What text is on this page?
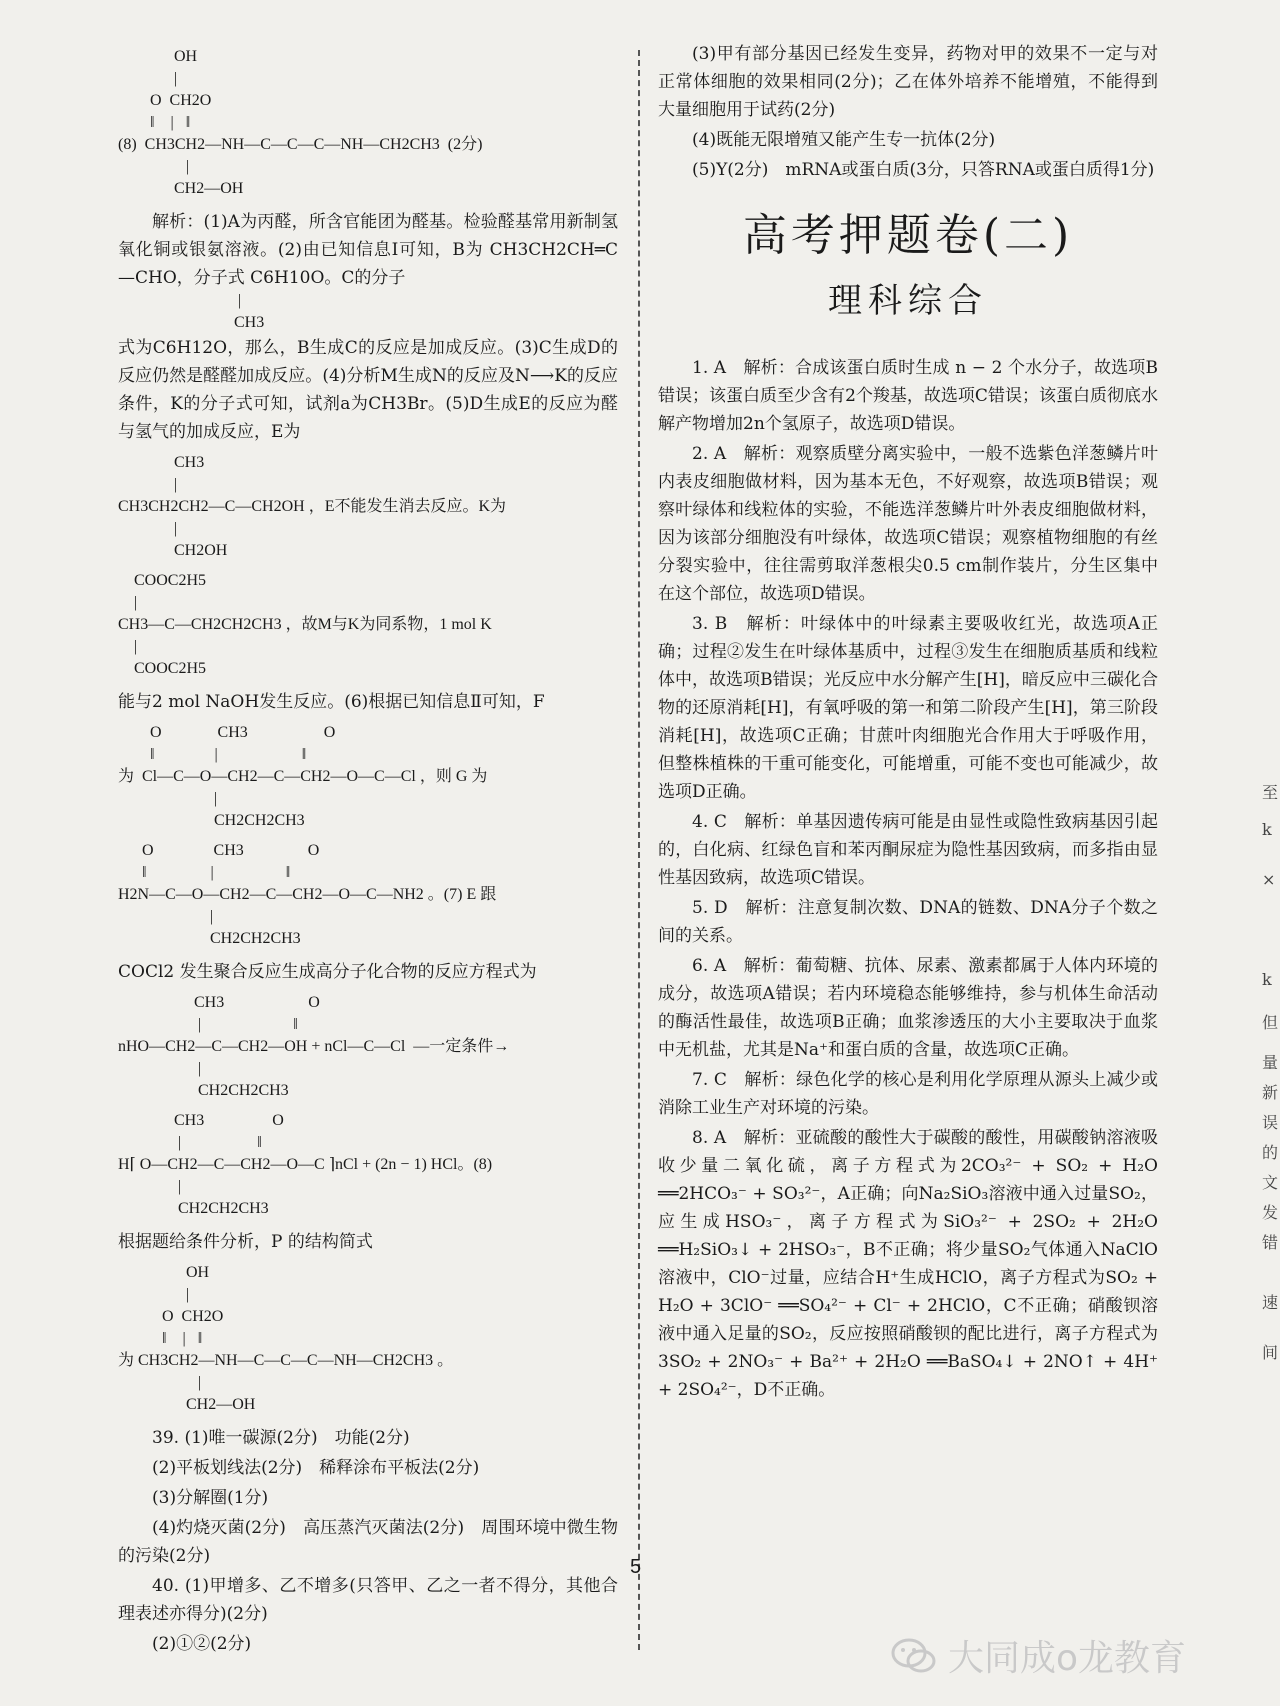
OH
|
O  CH2O
‖    |   ‖
(8)  CH3CH2—NH—C—C—C—NH—CH2CH3  (2分)
|
CH2—OH

解析：(1)A为丙醛，所含官能团为醛基。检验醛基常用新制氢氧化铜或银氨溶液。(2)由已知信息Ⅰ可知，B为 CH3CH2CH═C—CHO，分子式 C6H10O。C的分子

|
CH3

式为C6H12O，那么，B生成C的反应是加成反应。(3)C生成D的反应仍然是醛醛加成反应。(4)分析M生成N的反应及N⟶K的反应条件，K的分子式可知，试剂a为CH3Br。(5)D生成E的反应为醛与氢气的加成反应，E为

CH3
|
CH3CH2CH2—C—CH2OH ，E不能发生消去反应。K为
|
CH2OH
COOC2H5
|
CH3—C—CH2CH2CH3 ，故M与K为同系物，1 mol K
|
COOC2H5

能与2 mol NaOH发生反应。(6)根据已知信息Ⅱ可知，F

O              CH3                   O
‖               |                     ‖
为  Cl—C—O—CH2—C—CH2—O—C—Cl ，则 G 为
|
CH2CH2CH3
O               CH3                O
‖                |                  ‖
H2N—C—O—CH2—C—CH2—O—C—NH2 。(7) E 跟
|
CH2CH2CH3

COCl2 发生聚合反应生成高分子化合物的反应方程式为

CH3                     O
|                       ‖
nHO—CH2—C—CH2—OH + nCl—C—Cl  —一定条件→
|
CH2CH2CH3
CH3                 O
|                   ‖
H⌈ O—CH2—C—CH2—O—C ⌉nCl + (2n − 1) HCl。(8)
|
CH2CH2CH3

根据题给条件分析，P 的结构简式

OH
|
O  CH2O
‖    |   ‖
为 CH3CH2—NH—C—C—C—NH—CH2CH3 。
|
CH2—OH

39. (1)唯一碳源(2分)　功能(2分)

(2)平板划线法(2分)　稀释涂布平板法(2分)

(3)分解圈(1分)

(4)灼烧灭菌(2分)　高压蒸汽灭菌法(2分)　周围环境中微生物的污染(2分)

40. (1)甲增多、乙不增多(只答甲、乙之一者不得分，其他合理表述亦得分)(2分)

(2)①②(2分)

(3)甲有部分基因已经发生变异，药物对甲的效果不一定与对正常体细胞的效果相同(2分)；乙在体外培养不能增殖，不能得到大量细胞用于试药(2分)

(4)既能无限增殖又能产生专一抗体(2分)

(5)Y(2分)　mRNA或蛋白质(3分，只答RNA或蛋白质得1分)

高考押题卷(二)
理科综合

1. A　解析：合成该蛋白质时生成 n − 2 个水分子，故选项B错误；该蛋白质至少含有2个羧基，故选项C错误；该蛋白质彻底水解产物增加2n个氢原子，故选项D错误。

2. A　解析：观察质壁分离实验中，一般不选紫色洋葱鳞片叶内表皮细胞做材料，因为基本无色，不好观察，故选项B错误；观察叶绿体和线粒体的实验，不能选洋葱鳞片叶外表皮细胞做材料，因为该部分细胞没有叶绿体，故选项C错误；观察植物细胞的有丝分裂实验中，往往需剪取洋葱根尖0.5 cm制作装片，分生区集中在这个部位，故选项D错误。

3. B　解析：叶绿体中的叶绿素主要吸收红光，故选项A正确；过程②发生在叶绿体基质中，过程③发生在细胞质基质和线粒体中，故选项B错误；光反应中水分解产生[H]，暗反应中三碳化合物的还原消耗[H]，有氧呼吸的第一和第二阶段产生[H]，第三阶段消耗[H]，故选项C正确；甘蔗叶肉细胞光合作用大于呼吸作用，但整株植株的干重可能变化，可能增重，可能不变也可能减少，故选项D正确。

4. C　解析：单基因遗传病可能是由显性或隐性致病基因引起的，白化病、红绿色盲和苯丙酮尿症为隐性基因致病，而多指由显性基因致病，故选项C错误。

5. D　解析：注意复制次数、DNA的链数、DNA分子个数之间的关系。

6. A　解析：葡萄糖、抗体、尿素、激素都属于人体内环境的成分，故选项A错误；若内环境稳态能够维持，参与机体生命活动的酶活性最佳，故选项B正确；血浆渗透压的大小主要取决于血浆中无机盐，尤其是Na⁺和蛋白质的含量，故选项C正确。

7. C　解析：绿色化学的核心是利用化学原理从源头上减少或消除工业生产对环境的污染。

8. A　解析：亚硫酸的酸性大于碳酸的酸性，用碳酸钠溶液吸收少量二氧化硫，离子方程式为2CO₃²⁻ + SO₂ + H₂O ══2HCO₃⁻ + SO₃²⁻，A正确；向Na₂SiO₃溶液中通入过量SO₂，应生成HSO₃⁻，离子方程式为SiO₃²⁻ + 2SO₂ + 2H₂O ══H₂SiO₃↓ + 2HSO₃⁻，B不正确；将少量SO₂气体通入NaClO溶液中，ClO⁻过量，应结合H⁺生成HClO，离子方程式为SO₂ + H₂O + 3ClO⁻ ══SO₄²⁻ + Cl⁻ + 2HClO，C不正确；硝酸钡溶液中通入足量的SO₂，反应按照硝酸钡的配比进行，离子方程式为3SO₂ + 2NO₃⁻ + Ba²⁺ + 2H₂O ══BaSO₄↓ + 2NO↑ + 4H⁺ + 2SO₄²⁻，D不正确。

5
大同成o龙教育
至
k
×
k
但
量
新
误
的
文
发
错
速
间
